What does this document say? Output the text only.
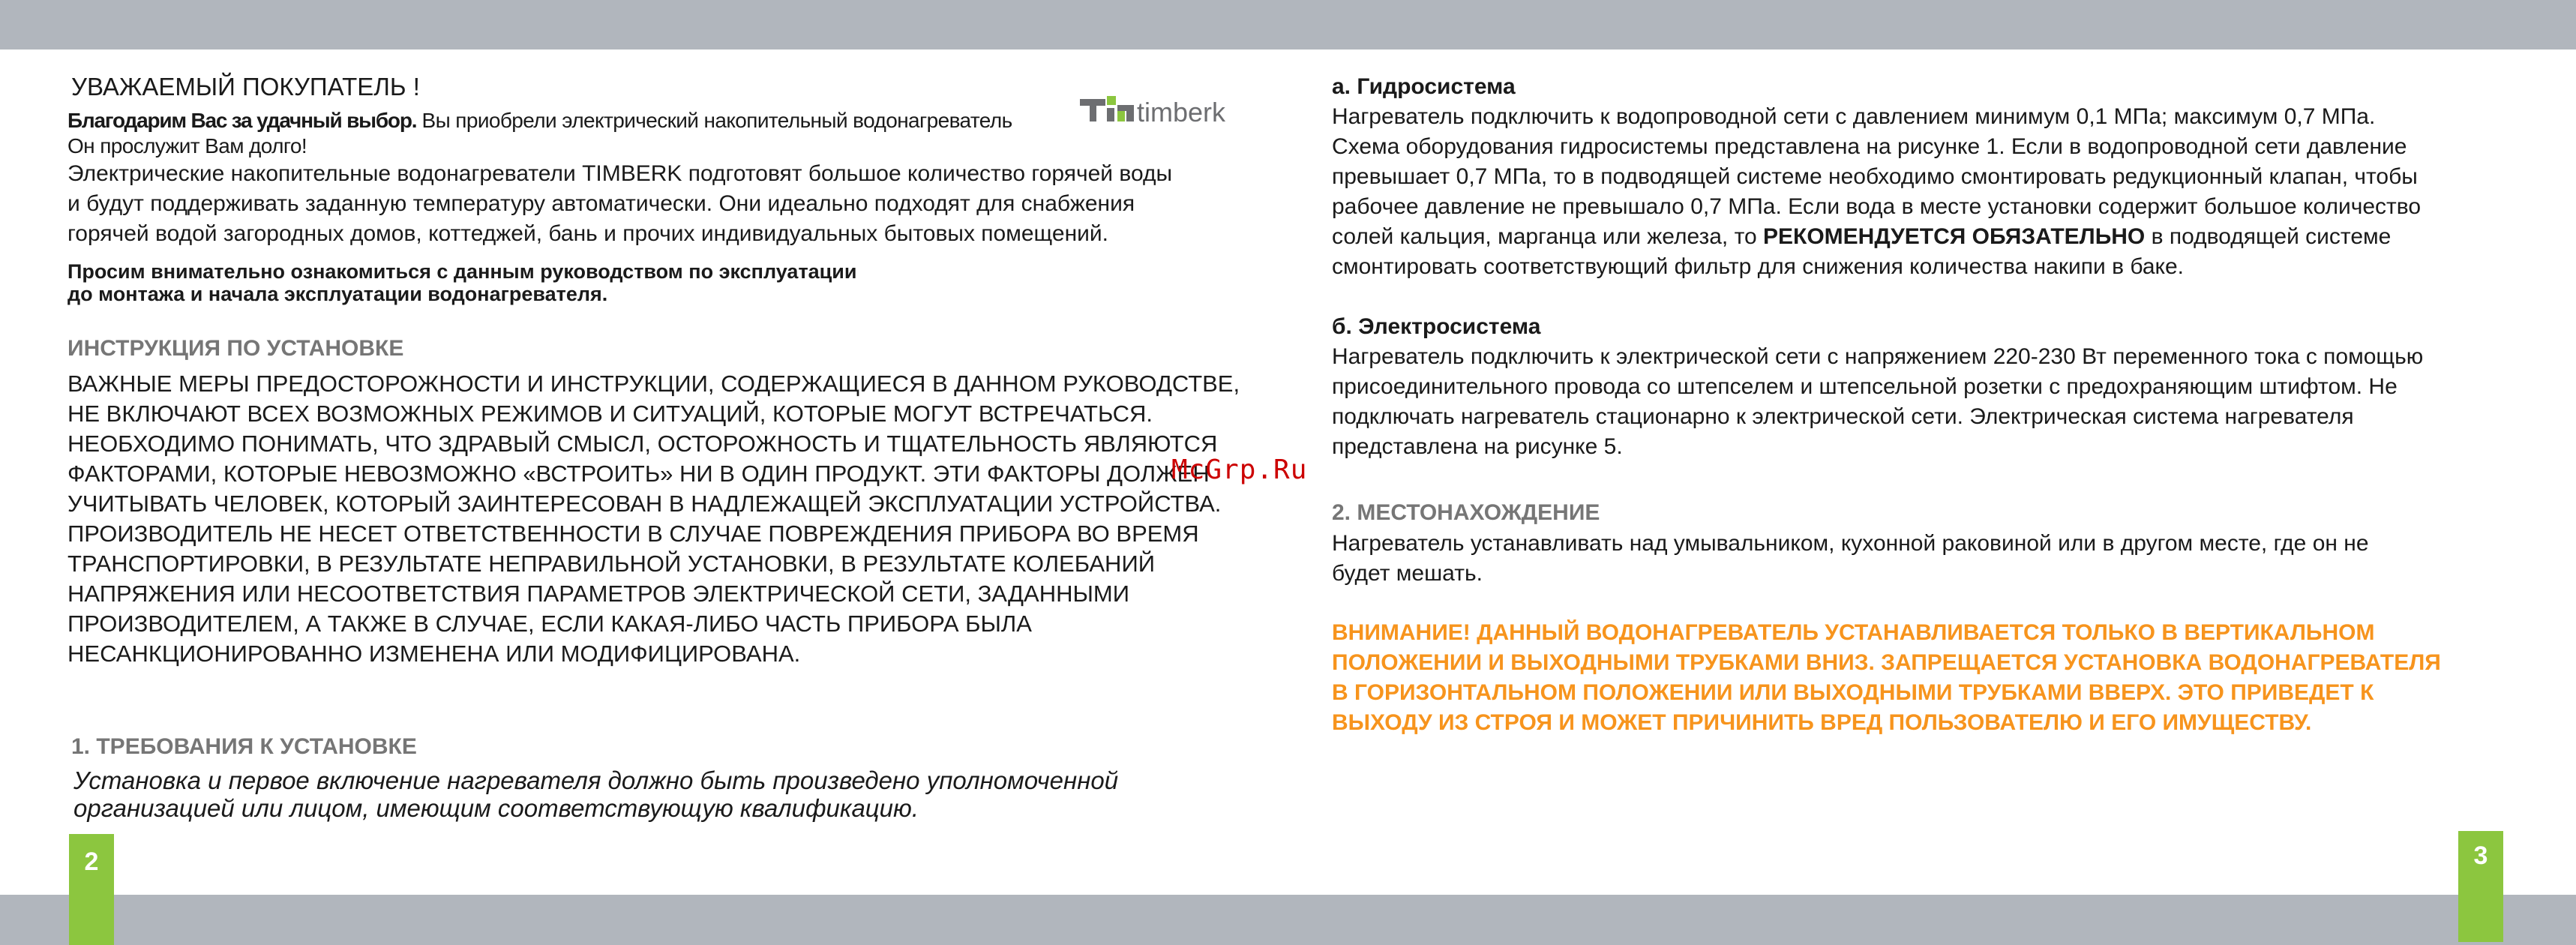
УВАЖАЕМЫЙ ПОКУПАТЕЛЬ !
Благодарим Вас за удачный выбор. Вы приобрели электрический накопительный водонагреватель
Он прослужит Вам долго!
timberk

Электрические накопительные водонагреватели TIMBERK подготовят большое количество горячей воды

и будут поддерживать заданную температуру автоматически. Они идеально подходят для снабжения

горячей водой загородных домов, коттеджей, бань и прочих индивидуальных бытовых помещений.

Просим внимательно ознакомиться с данным руководством по эксплуатации
до монтажа и начала эксплуатации водонагревателя.
ИНСТРУКЦИЯ ПО УСТАНОВКЕ
ВАЖНЫЕ МЕРЫ ПРЕДОСТОРОЖНОСТИ И ИНСТРУКЦИИ, СОДЕРЖАЩИЕСЯ В ДАННОМ РУКОВОДСТВЕ,
НЕ ВКЛЮЧАЮТ ВСЕХ ВОЗМОЖНЫХ РЕЖИМОВ И СИТУАЦИЙ, КОТОРЫЕ МОГУТ ВСТРЕЧАТЬСЯ.
НЕОБХОДИМО ПОНИМАТЬ, ЧТО ЗДРАВЫЙ СМЫСЛ, ОСТОРОЖНОСТЬ И ТЩАТЕЛЬНОСТЬ ЯВЛЯЮТСЯ
ФАКТОРАМИ, КОТОРЫЕ НЕВОЗМОЖНО «ВСТРОИТЬ» НИ В ОДИН ПРОДУКТ. ЭТИ ФАКТОРЫ ДОЛЖЕН
УЧИТЫВАТЬ ЧЕЛОВЕК, КОТОРЫЙ ЗАИНТЕРЕСОВАН В НАДЛЕЖАЩЕЙ ЭКСПЛУАТАЦИИ УСТРОЙСТВА.
ПРОИЗВОДИТЕЛЬ НЕ НЕСЕТ ОТВЕТСТВЕННОСТИ В СЛУЧАЕ ПОВРЕЖДЕНИЯ ПРИБОРА ВО ВРЕМЯ
ТРАНСПОРТИРОВКИ, В РЕЗУЛЬТАТЕ НЕПРАВИЛЬНОЙ УСТАНОВКИ, В РЕЗУЛЬТАТЕ КОЛЕБАНИЙ
НАПРЯЖЕНИЯ ИЛИ НЕСООТВЕТСТВИЯ ПАРАМЕТРОВ ЭЛЕКТРИЧЕСКОЙ СЕТИ, ЗАДАННЫМИ
ПРОИЗВОДИТЕЛЕМ, А ТАКЖЕ В СЛУЧАЕ, ЕСЛИ КАКАЯ-ЛИБО ЧАСТЬ ПРИБОРА БЫЛА
НЕСАНКЦИОНИРОВАННО ИЗМЕНЕНА ИЛИ МОДИФИЦИРОВАНА.
1. ТРЕБОВАНИЯ К УСТАНОВКЕ
Установка и первое включение нагревателя должно быть произведено уполномоченной
организацией или лицом, имеющим соответствующую квалификацию.
2
а. Гидросистема

Нагреватель подключить к водопроводной сети с давлением минимум 0,1 МПа; максимум 0,7 МПа.

Схема оборудования гидросистемы представлена на рисунке 1. Если в водопроводной сети давление

превышает 0,7 МПа, то в подводящей системе необходимо смонтировать редукционный клапан, чтобы

рабочее давление не превышало 0,7 МПа. Если вода в месте установки содержит большое количество

солей кальция, марганца или железа, то РЕКОМЕНДУЕТСЯ ОБЯЗАТЕЛЬНО в подводящей системе

смонтировать соответствующий фильтр для снижения количества накипи в баке.

б. Электросистема

Нагреватель подключить к электрической сети с напряжением 220-230 Вт переменного тока с помощью

присоединительного провода со штепселем и штепсельной розетки с предохраняющим штифтом. Не

подключать нагреватель стационарно к электрической сети. Электрическая система нагревателя

представлена на рисунке 5.

2. МЕСТОНАХОЖДЕНИЕ

Нагреватель устанавливать над умывальником, кухонной раковиной или в другом месте, где он не

будет мешать.

ВНИМАНИЕ! ДАННЫЙ ВОДОНАГРЕВАТЕЛЬ УСТАНАВЛИВАЕТСЯ ТОЛЬКО В ВЕРТИКАЛЬНОМ
ПОЛОЖЕНИИ И ВЫХОДНЫМИ ТРУБКАМИ ВНИЗ. ЗАПРЕЩАЕТСЯ УСТАНОВКА ВОДОНАГРЕВАТЕЛЯ
В ГОРИЗОНТАЛЬНОМ ПОЛОЖЕНИИ ИЛИ ВЫХОДНЫМИ ТРУБКАМИ ВВЕРХ. ЭТО ПРИВЕДЕТ К
ВЫХОДУ ИЗ СТРОЯ И МОЖЕТ ПРИЧИНИТЬ ВРЕД ПОЛЬЗОВАТЕЛЮ И ЕГО ИМУЩЕСТВУ.
3
McGrp.Ru
